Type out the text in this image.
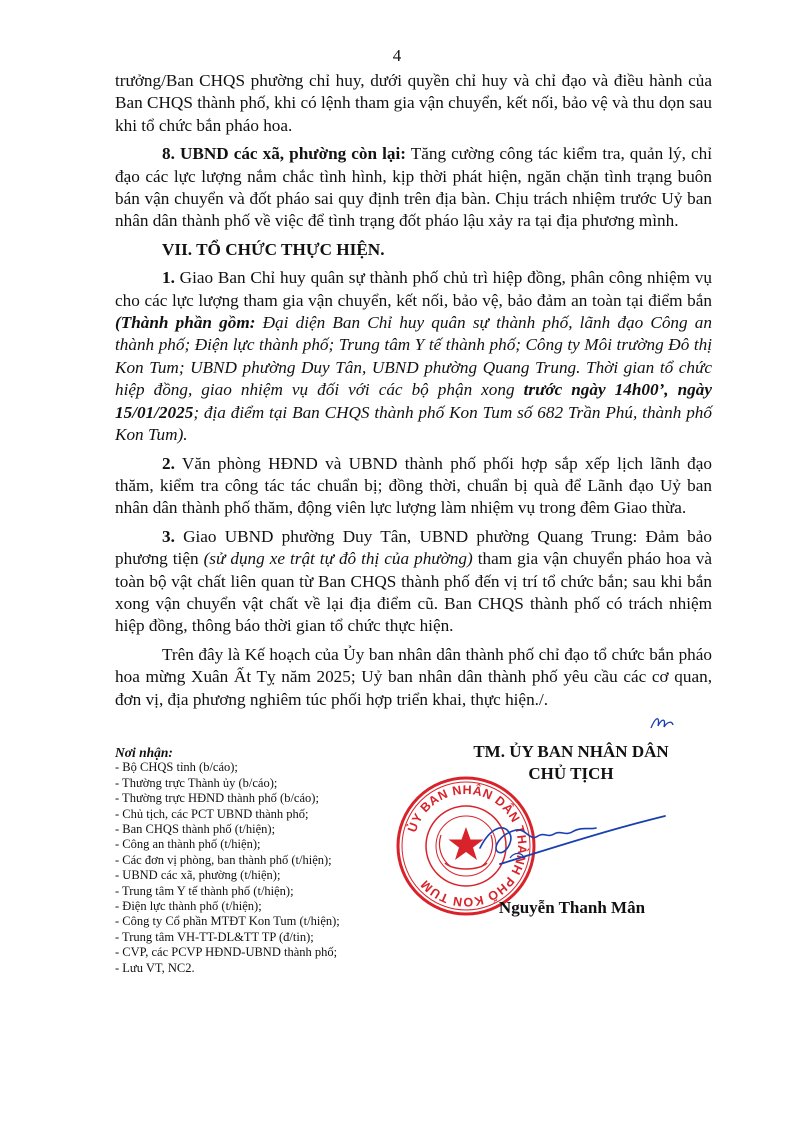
4

trưởng/Ban CHQS phường chỉ huy, dưới quyền chỉ huy và chỉ đạo và điều hành của Ban CHQS thành phố, khi có lệnh tham gia vận chuyển, kết nối, bảo vệ và thu dọn sau khi tổ chức bắn pháo hoa.

8. UBND các xã, phường còn lại: Tăng cường công tác kiểm tra, quản lý, chỉ đạo các lực lượng nắm chắc tình hình, kịp thời phát hiện, ngăn chặn tình trạng buôn bán vận chuyển và đốt pháo sai quy định trên địa bàn. Chịu trách nhiệm trước Uỷ ban nhân dân thành phố về việc để tình trạng đốt pháo lậu xảy ra tại địa phương mình.

VII. TỔ CHỨC THỰC HIỆN.

1. Giao Ban Chỉ huy quân sự thành phố chủ trì hiệp đồng, phân công nhiệm vụ cho các lực lượng tham gia vận chuyển, kết nối, bảo vệ, bảo đảm an toàn tại điểm bắn (Thành phần gồm: Đại diện Ban Chỉ huy quân sự thành phố, lãnh đạo Công an thành phố; Điện lực thành phố; Trung tâm Y tế thành phố; Công ty Môi trường Đô thị Kon Tum; UBND phường Duy Tân, UBND phường Quang Trung. Thời gian tổ chức hiệp đồng, giao nhiệm vụ đối với các bộ phận xong trước ngày 14h00’, ngày 15/01/2025; địa điểm tại Ban CHQS thành phố Kon Tum số 682 Trần Phú, thành phố Kon Tum).

2. Văn phòng HĐND và UBND thành phố phối hợp sắp xếp lịch lãnh đạo thăm, kiểm tra công tác tác chuẩn bị; đồng thời, chuẩn bị quà để Lãnh đạo Uỷ ban nhân dân thành phố thăm, động viên lực lượng làm nhiệm vụ trong đêm Giao thừa.

3. Giao UBND phường Duy Tân, UBND phường Quang Trung: Đảm bảo phương tiện (sử dụng xe trật tự đô thị của phường) tham gia vận chuyển pháo hoa và toàn bộ vật chất liên quan từ Ban CHQS thành phố đến vị trí tổ chức bắn; sau khi bắn xong vận chuyển vật chất về lại địa điểm cũ. Ban CHQS thành phố có trách nhiệm hiệp đồng, thông báo thời gian tổ chức thực hiện.

Trên đây là Kế hoạch của Ủy ban nhân dân thành phố chỉ đạo tổ chức bắn pháo hoa mừng Xuân Ất Tỵ năm 2025; Uỷ ban nhân dân thành phố yêu cầu các cơ quan, đơn vị, địa phương nghiêm túc phối hợp triển khai, thực hiện./.

Nơi nhận:
- Bộ CHQS tỉnh (b/cáo);
- Thường trực Thành ủy (b/cáo);
- Thường trực HĐND thành phố (b/cáo);
- Chủ tịch, các PCT UBND thành phố;
- Ban CHQS thành phố (t/hiện);
- Công an thành phố (t/hiện);
- Các đơn vị phòng, ban thành phố (t/hiện);
- UBND các xã, phường (t/hiện);
- Trung tâm Y tế thành phố (t/hiện);
- Điện lực thành phố (t/hiện);
- Công ty Cổ phần MTĐT Kon Tum (t/hiện);
- Trung tâm VH-TT-DL&TT TP (đ/tin);
- CVP, các PCVP HĐND-UBND thành phố;
- Lưu VT, NC2.
TM. ỦY BAN NHÂN DÂN
CHỦ TỊCH
ỦY BAN NHÂN DÂN THÀNH PHỐ KON TUM
Nguyễn Thanh Mân
